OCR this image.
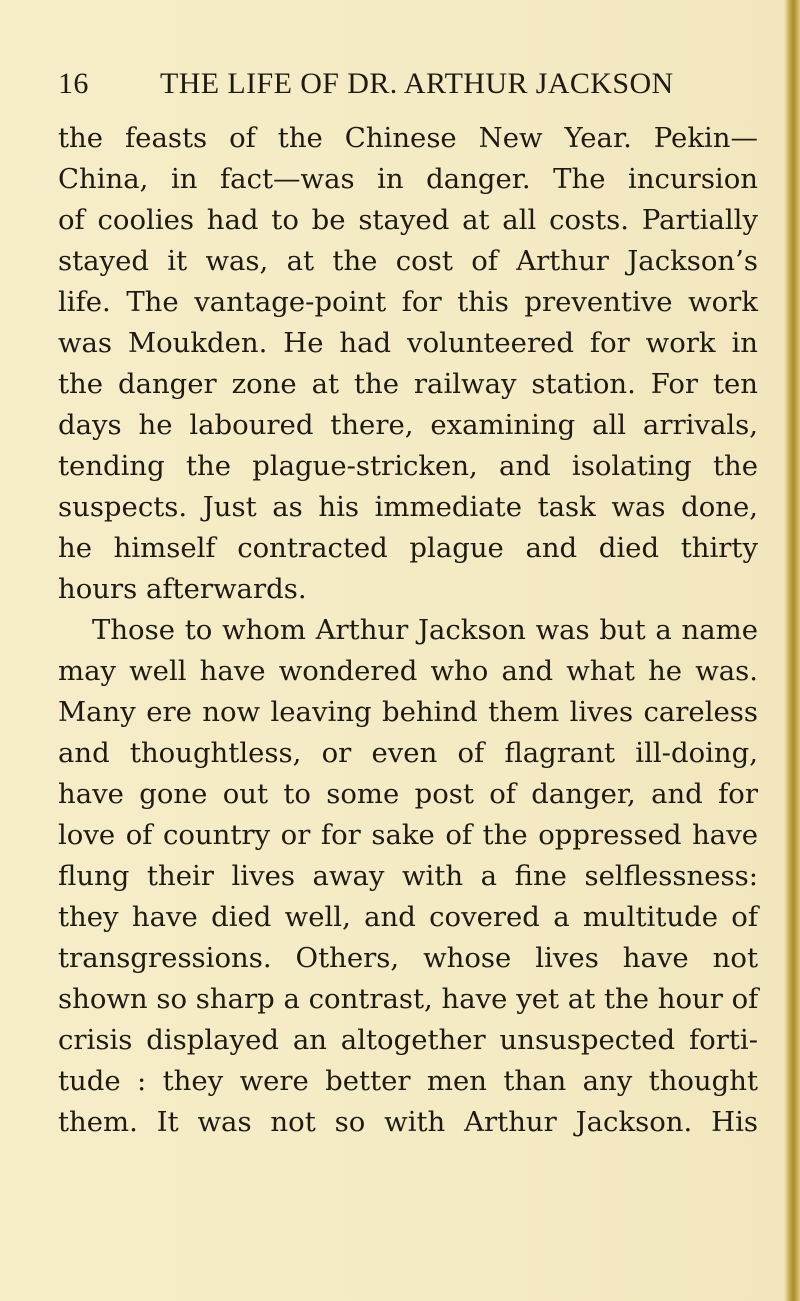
16 THE LIFE OF DR. ARTHUR JACKSON
the feasts of the Chinese New Year. Pekin—
China, in fact—was in danger. The incursion
of coolies had to be stayed at all costs. Partially
stayed it was, at the cost of Arthur Jackson’s
life. The vantage-point for this preventive work
was Moukden. He had volunteered for work in
the danger zone at the railway station. For ten
days he laboured there, examining all arrivals,
tending the plague-stricken, and isolating the
suspects. Just as his immediate task was done,
he himself contracted plague and died thirty
hours afterwards.
Those to whom Arthur Jackson was but a name
may well have wondered who and what he was.
Many ere now leaving behind them lives careless
and thoughtless, or even of flagrant ill-doing,
have gone out to some post of danger, and for
love of country or for sake of the oppressed have
flung their lives away with a fine selflessness:
they have died well, and covered a multitude of
transgressions. Others, whose lives have not
shown so sharp a contrast, have yet at the hour of
crisis displayed an altogether unsuspected forti-
tude : they were better men than any thought
them. It was not so with Arthur Jackson. His
